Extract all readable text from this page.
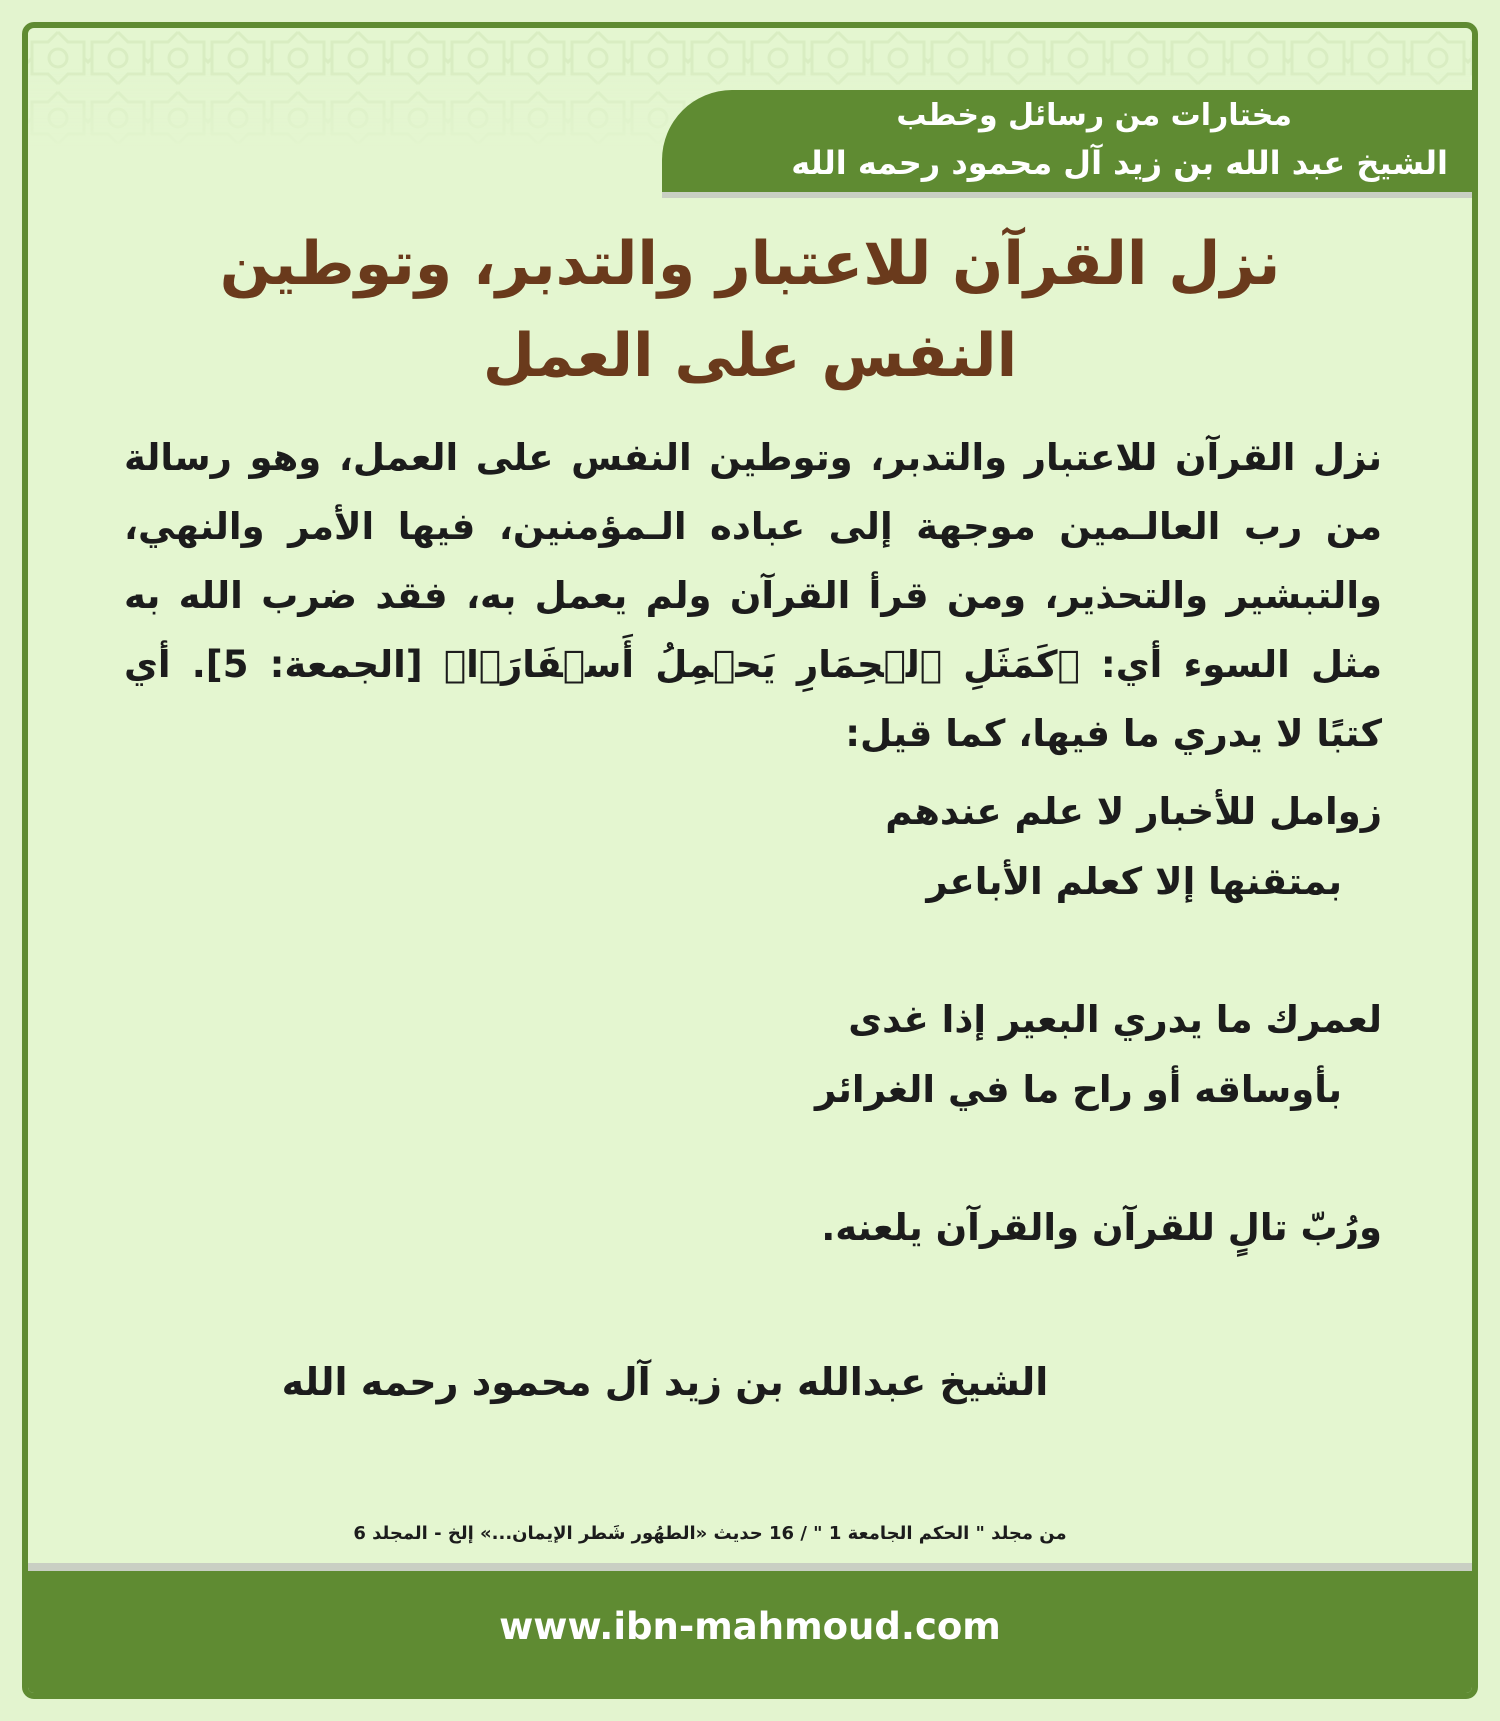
مختارات من رسائل وخطب
الشيخ عبد الله بن زيد آل محمود رحمه الله
نزل القرآن للاعتبار والتدبر، وتوطين النفس على العمل
نزل القرآن للاعتبار والتدبر، وتوطين النفس على العمل، وهو رسالة من رب العالـمين موجهة إلى عباده الـمؤمنين، فيها الأمر والنهي، والتبشير والتحذير، ومن قرأ القرآن ولم يعمل به، فقد ضرب الله به مثل السوء أي: ﴿كَمَثَلِ ٱلۡحِمَارِ يَحۡمِلُ أَسۡفَارَۢا﴾ [الجمعة: 5]. أي كتبًا لا يدري ما فيها، كما قيل:
زوامل للأخبار لا علم عندهم
بمتقنها إلا كعلم الأباعر
لعمرك ما يدري البعير إذا غدى
بأوساقه أو راح ما في الغرائر
ورُبّ تالٍ للقرآن والقرآن يلعنه.
الشيخ عبدالله بن زيد آل محمود رحمه الله
من مجلد " الحكم الجامعة 1 " / 16 حديث «الطهُور شَطر الإيمان...» إلخ - المجلد 6
www.ibn-mahmoud.com
